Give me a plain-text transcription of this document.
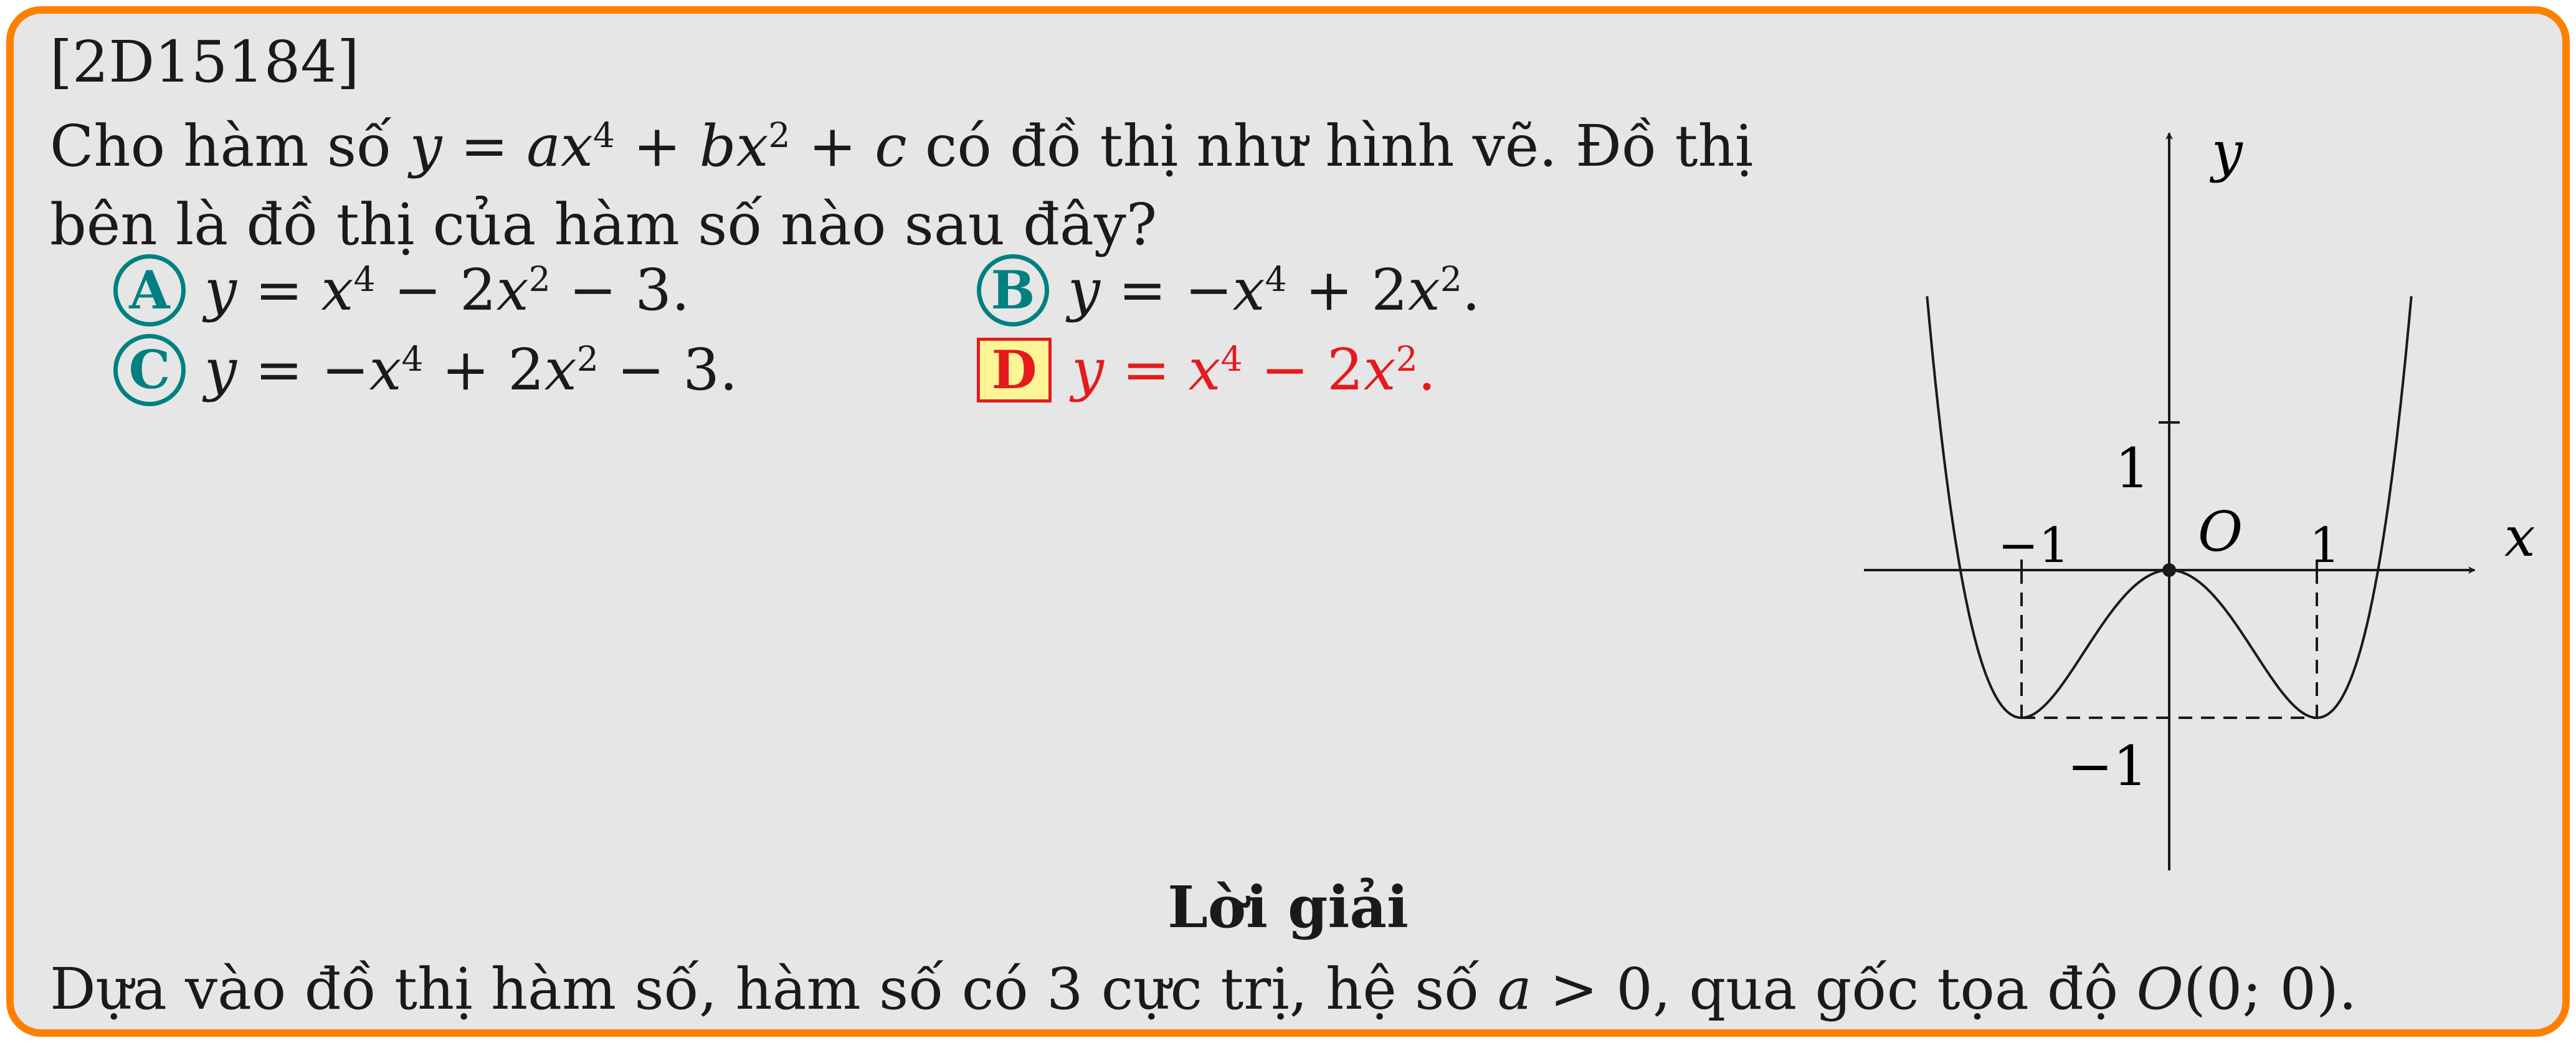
[2D15184]
Cho hàm số $y = ax^4 + bx^2 + c$ có đồ thị như hình vẽ. Đồ thị bên là đồ thị của hàm số nào sau đây?
A $y = x^4 - 2x^2 - 3$.	B $y = -x^4 + 2x^2$.
C $y = -x^4 + 2x^2 - 3$.	D $y = x^4 - 2x^2$.
x
y
O
−1	1
1
−1
Lời giải
Dựa vào đồ thị hàm số, hàm số có 3 cực trị, hệ số a > 0, qua gốc tọa độ O(0; 0).
